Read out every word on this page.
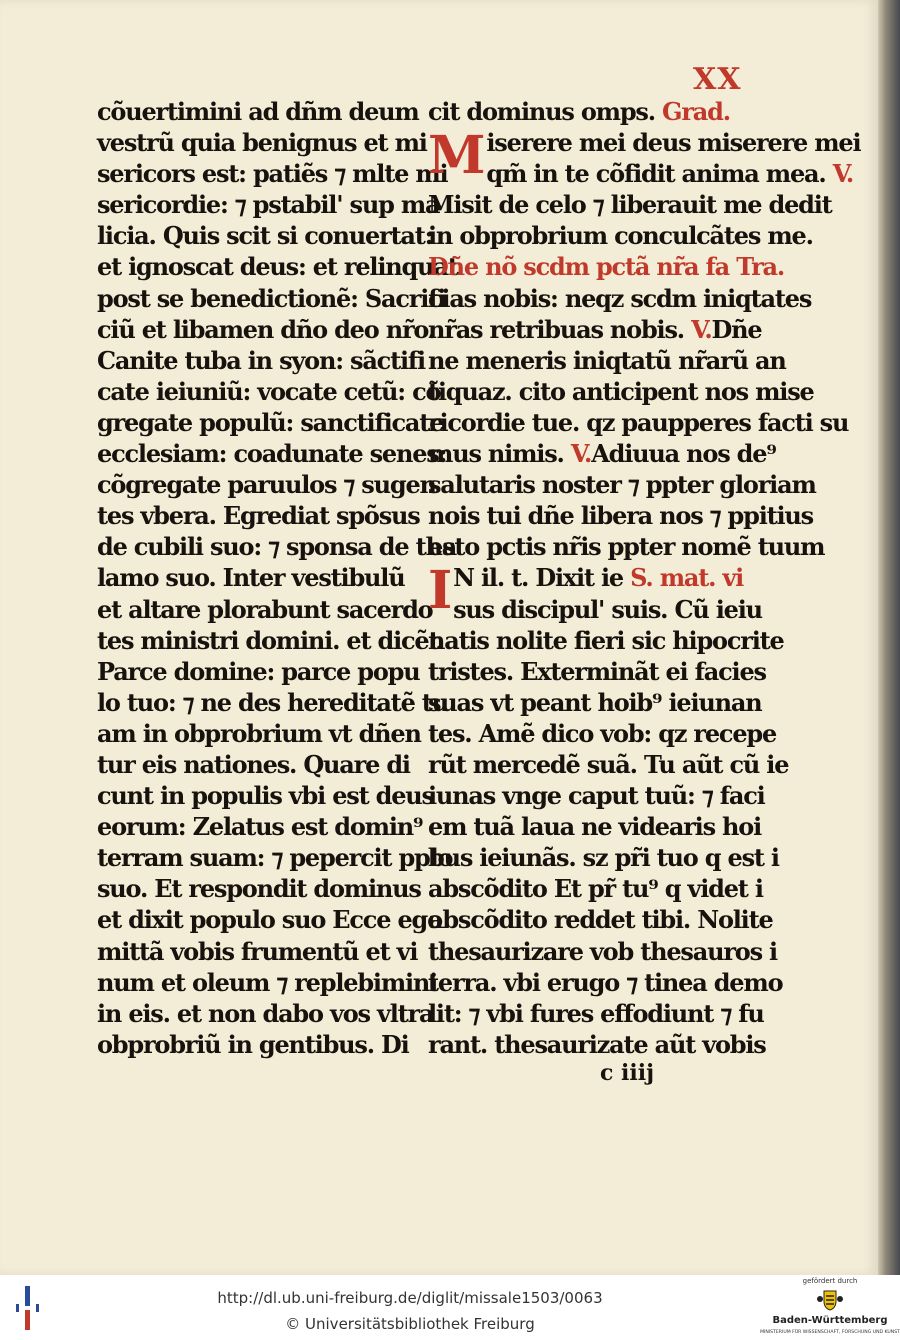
XX

cõuertimini ad dñm deum
vestrũ quia benignus et mi
sericors est: patiẽs ⁊ mlte mi
sericordie: ⁊ pstabil' sup ma
licia. Quis scit si conuertat:
et ignoscat deus: et relinquat
post se benedictionẽ: Sacrifi
ciũ et libamen dño deo nr̃o.
Canite tuba in syon: sãctifi
cate ieiuniũ: vocate cetũ: cõ
gregate populũ: sanctificate
ecclesiam: coadunate senes:
cõgregate paruulos ⁊ sugen
tes vbera. Egrediat spõsus
de cubili suo: ⁊ sponsa de tha
lamo suo. Inter vestibulũ
et altare plorabunt sacerdo
tes ministri domini. et dicẽt
Parce domine: parce popu
lo tuo: ⁊ ne des hereditatẽ tu
am in obprobrium vt dñen
tur eis nationes. Quare di
cunt in populis vbi est deus
eorum: Zelatus est domin⁹
terram suam: ⁊ pepercit pplo
suo. Et respondit dominus
et dixit populo suo Ecce ego
mittã vobis frumentũ et vi
num et oleum ⁊ replebimini
in eis. et non dabo vos vltra
obprobriũ in gentibus. Di
cit dominus omps. Grad.
Miserere mei deus miserere mei
qm̃ in te cõfidit anima mea. V.
Misit de celo ⁊ liberauit me dedit
in obprobrium conculcãtes me.
Dñe nõ scdm pctã nr̃a fa Tra.
cias nobis: neqz scdm iniqtates
nr̃as retribuas nobis. V.Dñe
ne meneris iniqtatũ nr̃arũ an
tiquaz. cito anticipent nos mise
ricordie tue. qz paupperes facti su
mus nimis. V.Adiuua nos de⁹
salutaris noster ⁊ ppter gloriam
nois tui dñe libera nos ⁊ ppitius
esto pctis nr̃is ppter nomẽ tuum
I N il. t. Dixit ie S. mat. vi
sus discipul' suis. Cũ ieiu
natis nolite fieri sic hipocrite
tristes. Exterminãt ei facies
suas vt peant hoib⁹ ieiunan
tes. Amẽ dico vob: qz recepe
rũt mercedẽ suã. Tu aũt cũ ie
iunas vnge caput tuũ: ⁊ faci
em tuã laua ne videaris hoi
bus ieiunãs. sz pr̃i tuo q est i
abscõdito Et pr̃ tu⁹ q videt i
abscõdito reddet tibi. Nolite
thesaurizare vob thesauros i
terra. vbi erugo ⁊ tinea demo
lit: ⁊ vbi fures effodiunt ⁊ fu
rant. thesaurizate aũt vobis

c iiij

http://dl.ub.uni-freiburg.de/diglit/missale1503/0063

© Universitätsbibliothek Freiburg

gefördert durch

Baden-Württemberg

MINISTERIUM FÜR WISSENSCHAFT, FORSCHUNG UND KUNST
